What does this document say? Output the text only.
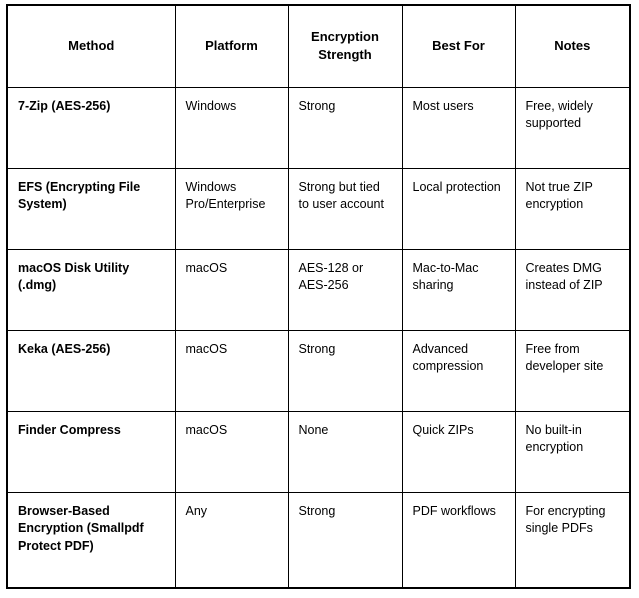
Method	Platform	Encryption Strength	Best For	Notes

7-Zip (AES-256)	Windows	Strong	Most users	Free, widely supported

EFS (Encrypting File System)	Windows Pro/Enterprise	Strong but tied to user account	Local protection	Not true ZIP encryption

macOS Disk Utility (.dmg)	macOS	AES-128 or AES-256	Mac-to-Mac sharing	Creates DMG instead of ZIP

Keka (AES-256)	macOS	Strong	Advanced compression	Free from developer site

Finder Compress	macOS	None	Quick ZIPs	No built-in encryption

Browser-Based Encryption (Smallpdf Protect PDF)	Any	Strong	PDF workflows	For encrypting single PDFs
